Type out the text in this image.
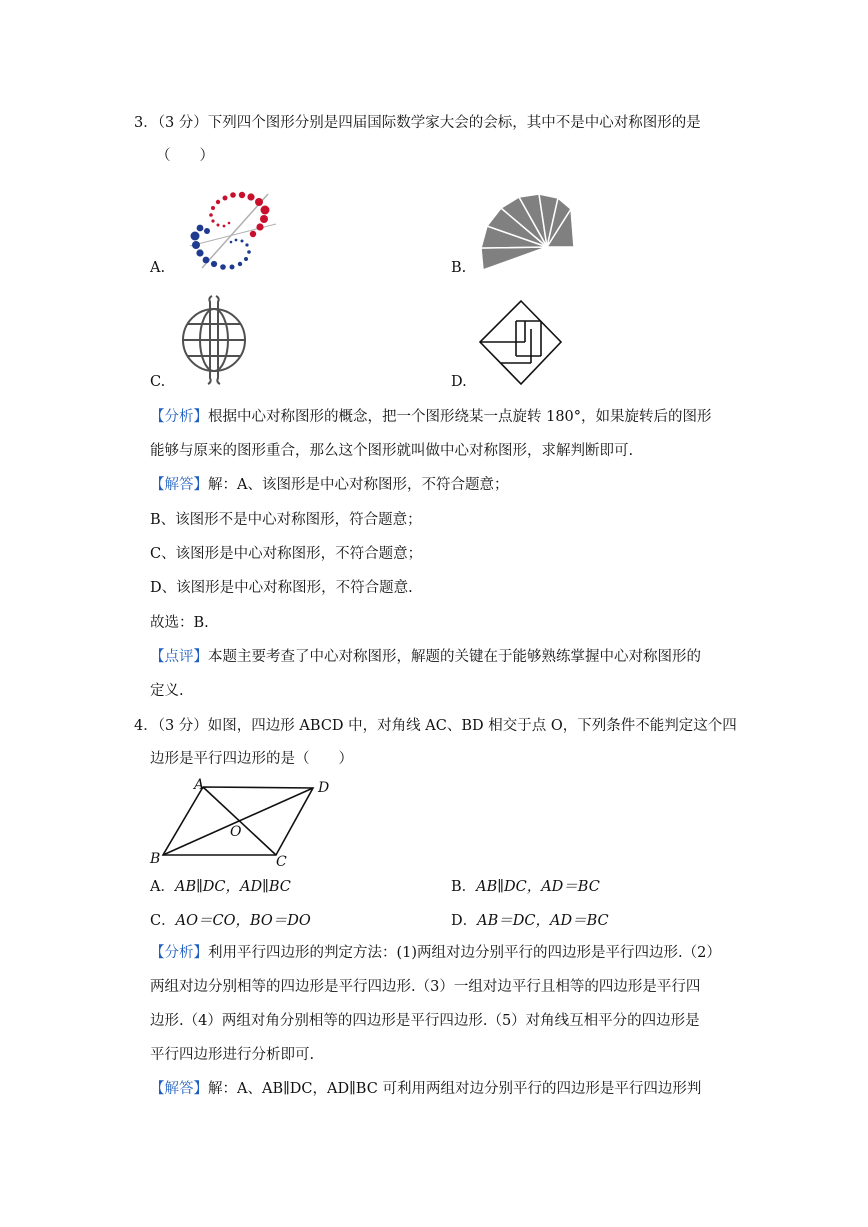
3．（3 分）下列四个图形分别是四届国际数学家大会的会标，其中不是中心对称图形的是
（　　）
A.	B.
C.	D.
【分析】根据中心对称图形的概念，把一个图形绕某一点旋转 180°，如果旋转后的图形
能够与原来的图形重合，那么这个图形就叫做中心对称图形，求解判断即可.
【解答】解：A、该图形是中心对称图形，不符合题意；
B、该图形不是中心对称图形，符合题意；
C、该图形是中心对称图形，不符合题意；
D、该图形是中心对称图形，不符合题意.
故选：B.
【点评】本题主要考查了中心对称图形，解题的关键在于能够熟练掌握中心对称图形的
定义.
4．（3 分）如图，四边形 ABCD 中，对角线 AC、BD 相交于点 O，下列条件不能判定这个四
边形是平行四边形的是（　　）
A	D
B	C
O
A．AB∥DC，AD∥BC	B．AB∥DC，AD＝BC
C．AO＝CO，BO＝DO	D．AB＝DC，AD＝BC
【分析】利用平行四边形的判定方法：(1)两组对边分别平行的四边形是平行四边形.（2）
两组对边分别相等的四边形是平行四边形.（3）一组对边平行且相等的四边形是平行四
边形.（4）两组对角分别相等的四边形是平行四边形.（5）对角线互相平分的四边形是
平行四边形进行分析即可.
【解答】解：A、AB∥DC，AD∥BC 可利用两组对边分别平行的四边形是平行四边形判
